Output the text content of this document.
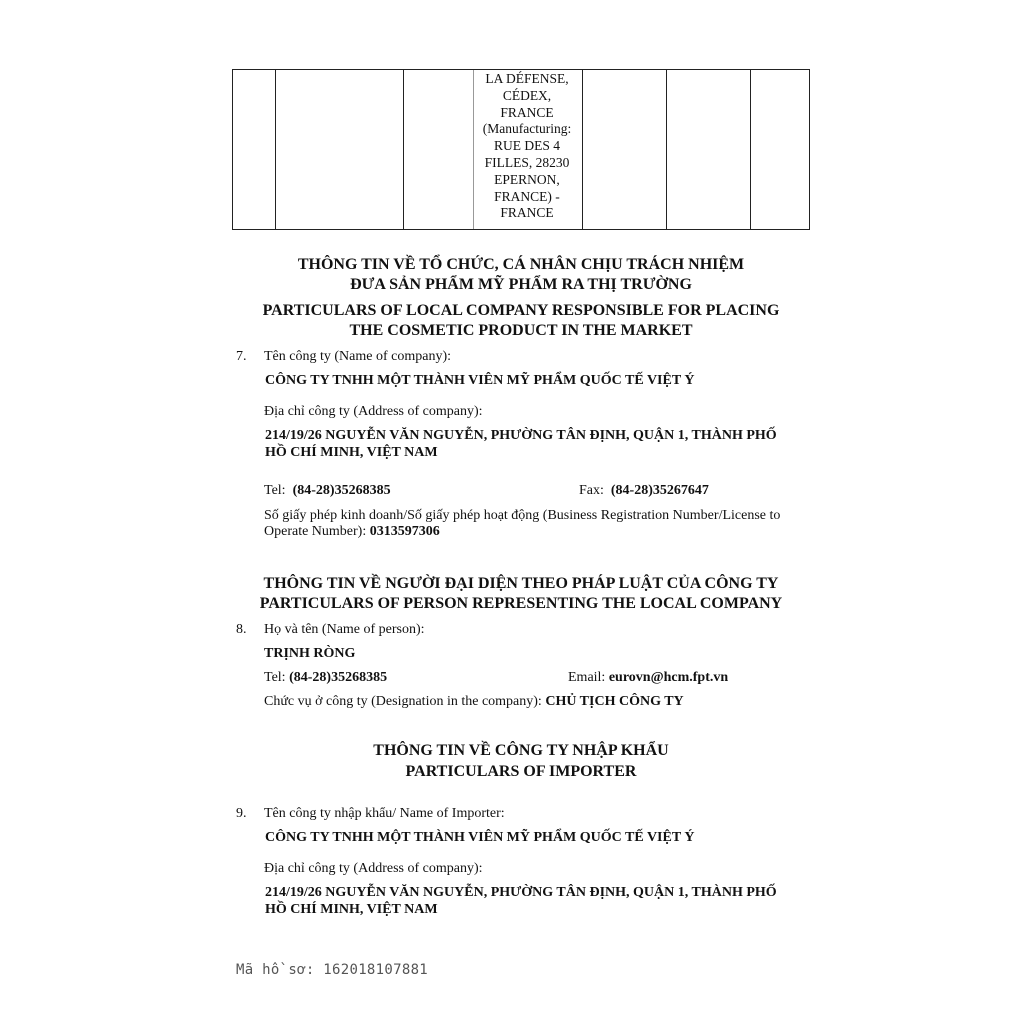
LA DÉFENSE,
CÉDEX,
FRANCE
(Manufacturing:
RUE DES 4
FILLES, 28230
EPERNON,
FRANCE) -
FRANCE
THÔNG TIN VỀ TỔ CHỨC, CÁ NHÂN CHỊU TRÁCH NHIỆM
ĐƯA SẢN PHẨM MỸ PHẨM RA THỊ TRƯỜNG
PARTICULARS OF LOCAL COMPANY RESPONSIBLE FOR PLACING
THE COSMETIC PRODUCT IN THE MARKET
7. Tên công ty (Name of company):
CÔNG TY TNHH MỘT THÀNH VIÊN MỸ PHẨM QUỐC TẾ VIỆT Ý
Địa chỉ công ty (Address of company):
214/19/26 NGUYỄN VĂN NGUYỄN, PHƯỜNG TÂN ĐỊNH, QUẬN 1, THÀNH PHỐ
HỒ CHÍ MINH, VIỆT NAM
Tel: (84-28)35268385	Fax: (84-28)35267647
Số giấy phép kinh doanh/Số giấy phép hoạt động (Business Registration Number/License to
Operate Number): 0313597306
THÔNG TIN VỀ NGƯỜI ĐẠI DIỆN THEO PHÁP LUẬT CỦA CÔNG TY
PARTICULARS OF PERSON REPRESENTING THE LOCAL COMPANY
8. Họ và tên (Name of person):
TRỊNH RÒNG
Tel: (84-28)35268385	Email: eurovn@hcm.fpt.vn
Chức vụ ở công ty (Designation in the company): CHỦ TỊCH CÔNG TY
THÔNG TIN VỀ CÔNG TY NHẬP KHẨU
PARTICULARS OF IMPORTER
9. Tên công ty nhập khẩu/ Name of Importer:
CÔNG TY TNHH MỘT THÀNH VIÊN MỸ PHẨM QUỐC TẾ VIỆT Ý
Địa chỉ công ty (Address of company):
214/19/26 NGUYỄN VĂN NGUYỄN, PHƯỜNG TÂN ĐỊNH, QUẬN 1, THÀNH PHỐ
HỒ CHÍ MINH, VIỆT NAM
Mã hồ sơ: 162018107881
